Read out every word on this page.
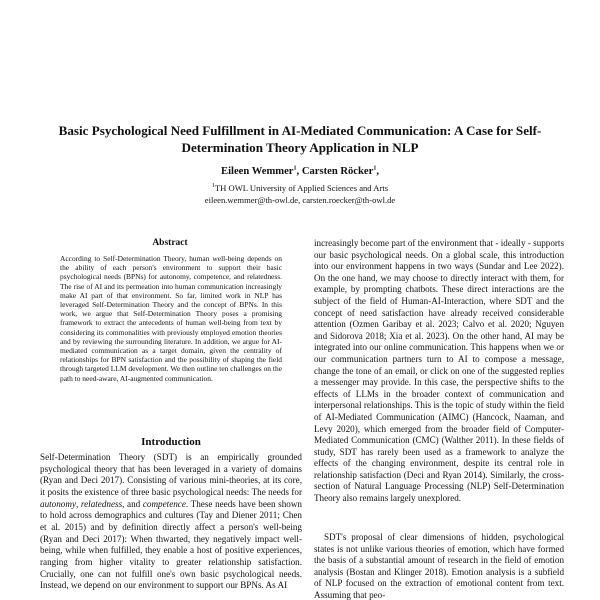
Basic Psychological Need Fulfillment in AI-Mediated Communication: A Case for Self-Determination Theory Application in NLP
Eileen Wemmer$^1$, Carsten Röcker$^1$,
$^1$TH OWL University of Applied Sciences and Arts
eileen.wemmer@th-owl.de, carsten.roecker@th-owl.de
Abstract

According to Self-Determination Theory, human well-being depends on the ability of each person's environment to support their basic psychological needs (BPNs) for autonomy, competence, and relatedness. The rise of AI and its permeation into human communication increasingly make AI part of that environment. So far, limited work in NLP has leveraged Self-Determination Theory and the concept of BPNs. In this work, we argue that Self-Determination Theory poses a promising framework to extract the antecedents of human well-being from text by considering its commonalities with previously employed emotion theories and by reviewing the surrounding literature. In addition, we argue for AI-mediated communication as a target domain, given the centrality of relationships for BPN satisfaction and the possibility of shaping the field through targeted LLM development. We then outline ten challenges on the path to need-aware, AI-augmented communication.

Introduction

Self-Determination Theory (SDT) is an empirically grounded psychological theory that has been leveraged in a variety of domains (Ryan and Deci 2017). Consisting of various mini-theories, at its core, it posits the existence of three basic psychological needs: The needs for autonomy, relatedness, and competence. These needs have been shown to hold across demographics and cultures (Tay and Diener 2011; Chen et al. 2015) and by definition directly affect a person's well-being (Ryan and Deci 2017): When thwarted, they negatively impact well-being, while when fulfilled, they enable a host of positive experiences, ranging from higher vitality to greater relationship satisfaction. Crucially, one can not fulfill one's own basic psychological needs. Instead, we depend on our environment to support our BPNs. As AI

increasingly become part of the environment that - ideally - supports our basic psychological needs. On a global scale, this introduction into our environment happens in two ways (Sundar and Lee 2022). On the one hand, we may choose to directly interact with them, for example, by prompting chatbots. These direct interactions are the subject of the field of Human-AI-Interaction, where SDT and the concept of need satisfaction have already received considerable attention (Ozmen Garibay et al. 2023; Calvo et al. 2020; Nguyen and Sidorova 2018; Xia et al. 2023). On the other hand, AI may be integrated into our online communication. This happens when we or our communication partners turn to AI to compose a message, change the tone of an email, or click on one of the suggested replies a messenger may provide. In this case, the perspective shifts to the effects of LLMs in the broader context of communication and interpersonal relationships. This is the topic of study within the field of AI-Mediated Communication (AIMC) (Hancock, Naaman, and Levy 2020), which emerged from the broader field of Computer-Mediated Communication (CMC) (Walther 2011). In these fields of study, SDT has rarely been used as a framework to analyze the effects of the changing environment, despite its central role in relationship satisfaction (Deci and Ryan 2014). Similarly, the cross-section of Natural Language Processing (NLP) Self-Determination Theory also remains largely unexplored.

SDT's proposal of clear dimensions of hidden, psychological states is not unlike various theories of emotion, which have formed the basis of a substantial amount of research in the field of emotion analysis (Bostan and Klinger 2018). Emotion analysis is a subfield of NLP focused on the extraction of emotional content from text. Assuming that peo-
